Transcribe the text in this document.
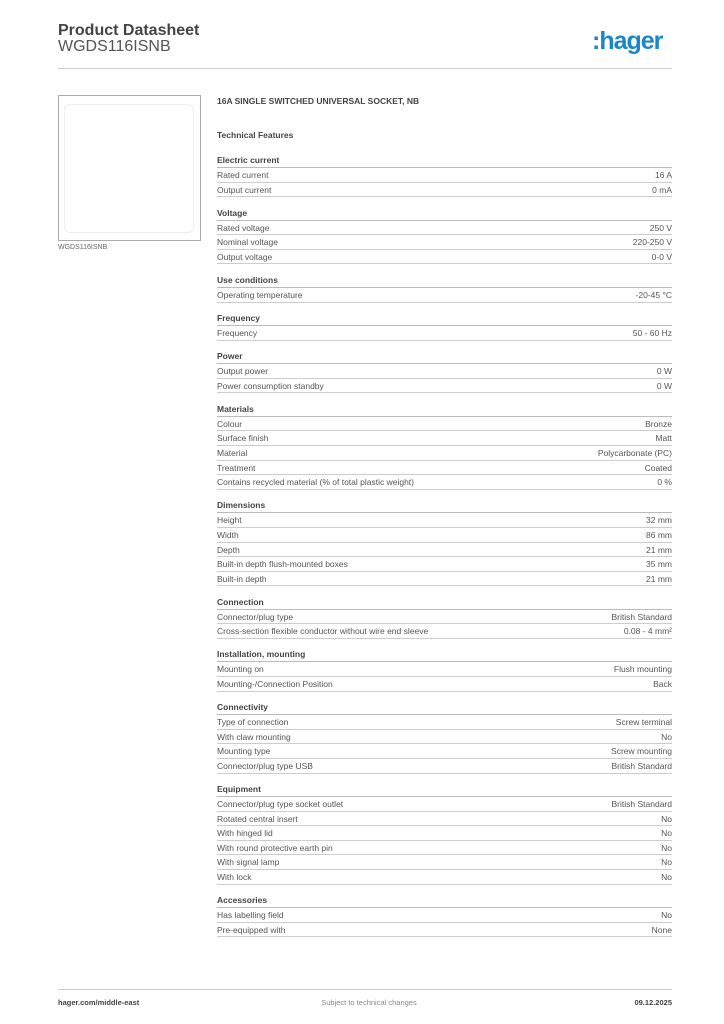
Product Datasheet
WGDS116ISNB	:hager
WGDS116ISNB
16A SINGLE SWITCHED UNIVERSAL SOCKET, NB
Technical Features
Electric current
Rated current	16 A
Output current	0 mA
Voltage
Rated voltage	250 V
Nominal voltage	220-250 V
Output voltage	0-0 V
Use conditions
Operating temperature	-20-45 °C
Frequency
Frequency	50 - 60 Hz
Power
Output power	0 W
Power consumption standby	0 W
Materials
Colour	Bronze
Surface finish	Matt
Material	Polycarbonate (PC)
Treatment	Coated
Contains recycled material (% of total plastic weight)	0 %
Dimensions
Height	32 mm
Width	86 mm
Depth	21 mm
Built-in depth flush-mounted boxes	35 mm
Built-in depth	21 mm
Connection
Connector/plug type	British Standard
Cross-section flexible conductor without wire end sleeve	0.08 - 4 mm²
Installation, mounting
Mounting on	Flush mounting
Mounting-/Connection Position	Back
Connectivity
Type of connection	Screw terminal
With claw mounting	No
Mounting type	Screw mounting
Connector/plug type USB	British Standard
Equipment
Connector/plug type socket outlet	British Standard
Rotated central insert	No
With hinged lid	No
With round protective earth pin	No
With signal lamp	No
With lock	No
Accessories
Has labelling field	No
Pre-equipped with	None
hager.com/middle-east	Subject to technical changes	09.12.2025
